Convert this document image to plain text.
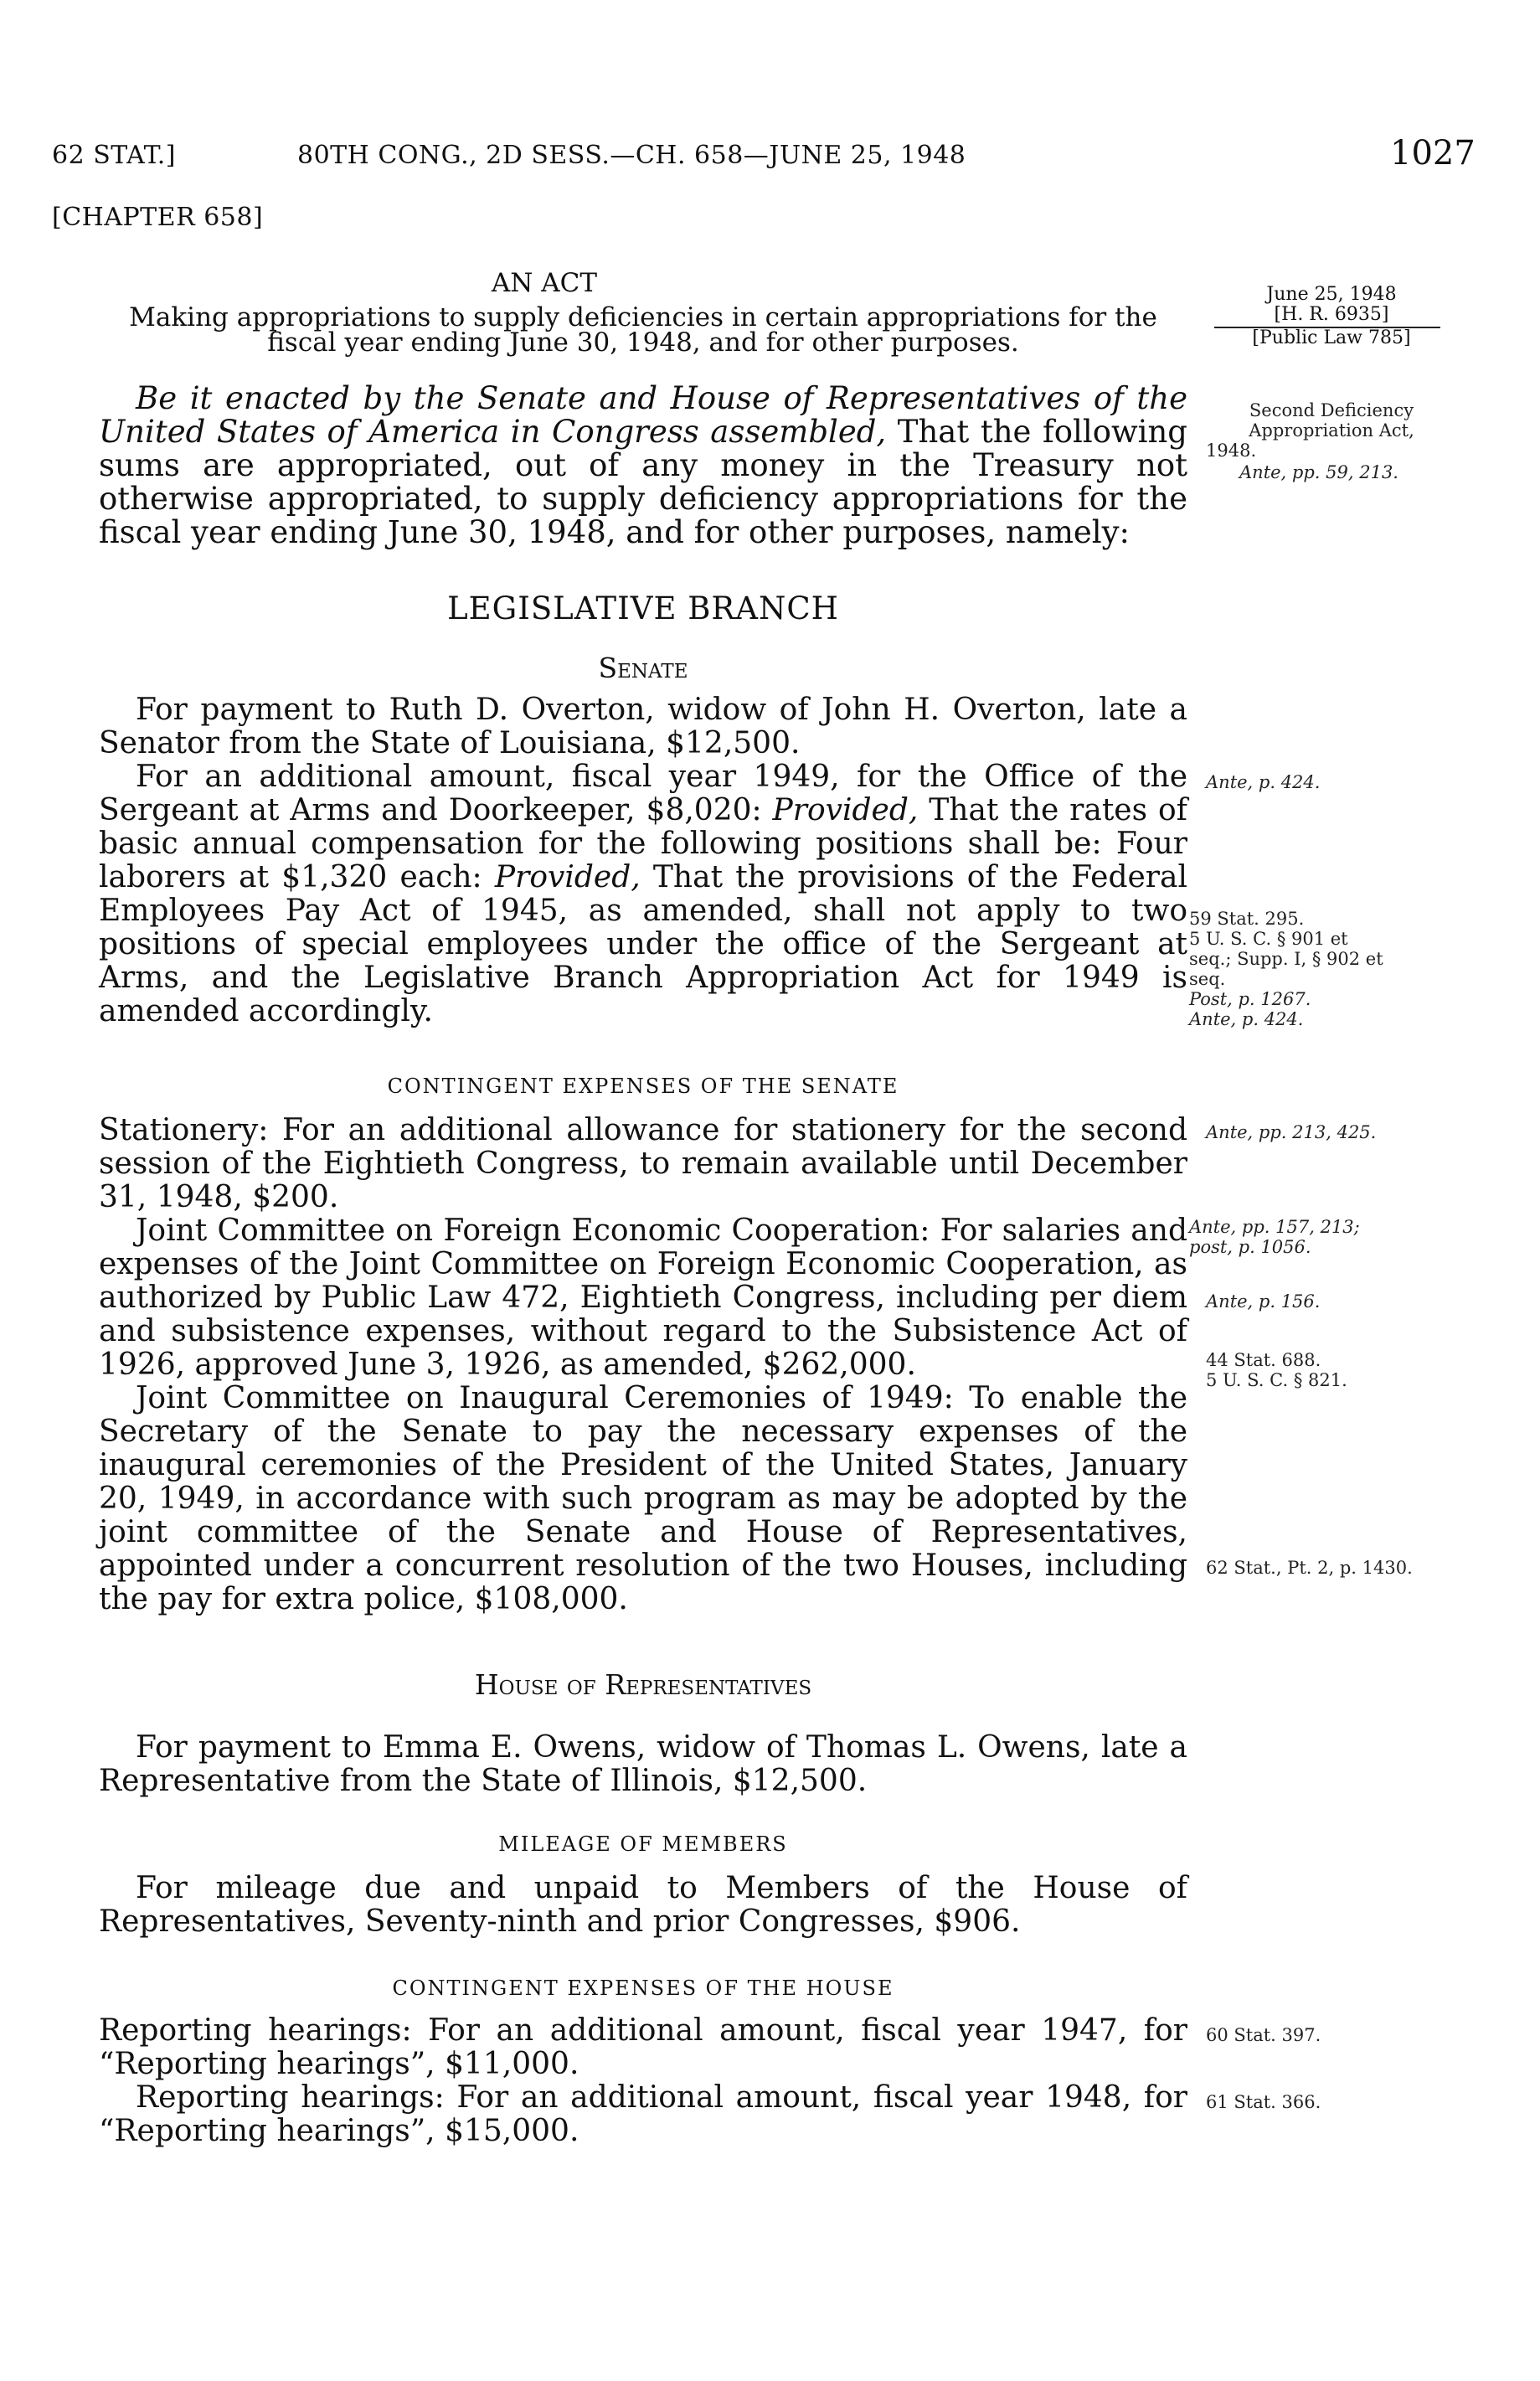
62 STAT.]	80TH CONG., 2D SESS.—CH. 658—JUNE 25, 1948	1027
[CHAPTER 658]
AN ACT
Making appropriations to supply deficiencies in certain appropriations for the
fiscal year ending June 30, 1948, and for other purposes.
June 25, 1948
[H. R. 6935]
[Public Law 785]

Be it enacted by the Senate and House of Representatives of the United States of America in Congress assembled, That the following sums are appropriated, out of any money in the Treasury not otherwise appropriated, to supply deficiency appropriations for the fiscal year ending June 30, 1948, and for other purposes, namely:

Second Deficiency
Appropriation Act,
1948.
Ante, pp. 59, 213.
LEGISLATIVE BRANCH
Senate

For payment to Ruth D. Overton, widow of John H. Overton, late a Senator from the State of Louisiana, $12,500.

For an additional amount, fiscal year 1949, for the Office of the Sergeant at Arms and Doorkeeper, $8,020: Provided, That the rates of basic annual compensation for the following positions shall be: Four laborers at $1,320 each: Provided, That the provisions of the Federal Employees Pay Act of 1945, as amended, shall not apply to two positions of special employees under the office of the Sergeant at Arms, and the Legislative Branch Appropriation Act for 1949 is amended accordingly.

Ante, p. 424.
59 Stat. 295.
5 U. S. C. § 901 et
seq.; Supp. I, § 902 et
seq.
Post, p. 1267.
Ante, p. 424.
CONTINGENT EXPENSES OF THE SENATE

Stationery: For an additional allowance for stationery for the second session of the Eightieth Congress, to remain available until December 31, 1948, $200.

Joint Committee on Foreign Economic Cooperation: For salaries and expenses of the Joint Committee on Foreign Economic Cooperation, as authorized by Public Law 472, Eightieth Congress, including per diem and subsistence expenses, without regard to the Subsistence Act of 1926, approved June 3, 1926, as amended, $262,000.

Joint Committee on Inaugural Ceremonies of 1949: To enable the Secretary of the Senate to pay the necessary expenses of the inaugural ceremonies of the President of the United States, January 20, 1949, in accordance with such program as may be adopted by the joint committee of the Senate and House of Representatives, appointed under a concurrent resolution of the two Houses, including the pay for extra police, $108,000.

Ante, pp. 213, 425.
Ante, pp. 157, 213;
post, p. 1056.
Ante, p. 156.
44 Stat. 688.
5 U. S. C. § 821.
62 Stat., Pt. 2, p. 1430.
House of Representatives

For payment to Emma E. Owens, widow of Thomas L. Owens, late a Representative from the State of Illinois, $12,500.

MILEAGE OF MEMBERS

For mileage due and unpaid to Members of the House of Representatives, Seventy-ninth and prior Congresses, $906.

CONTINGENT EXPENSES OF THE HOUSE

Reporting hearings: For an additional amount, fiscal year 1947, for “Reporting hearings”, $11,000.

Reporting hearings: For an additional amount, fiscal year 1948, for “Reporting hearings”, $15,000.

60 Stat. 397.
61 Stat. 366.
